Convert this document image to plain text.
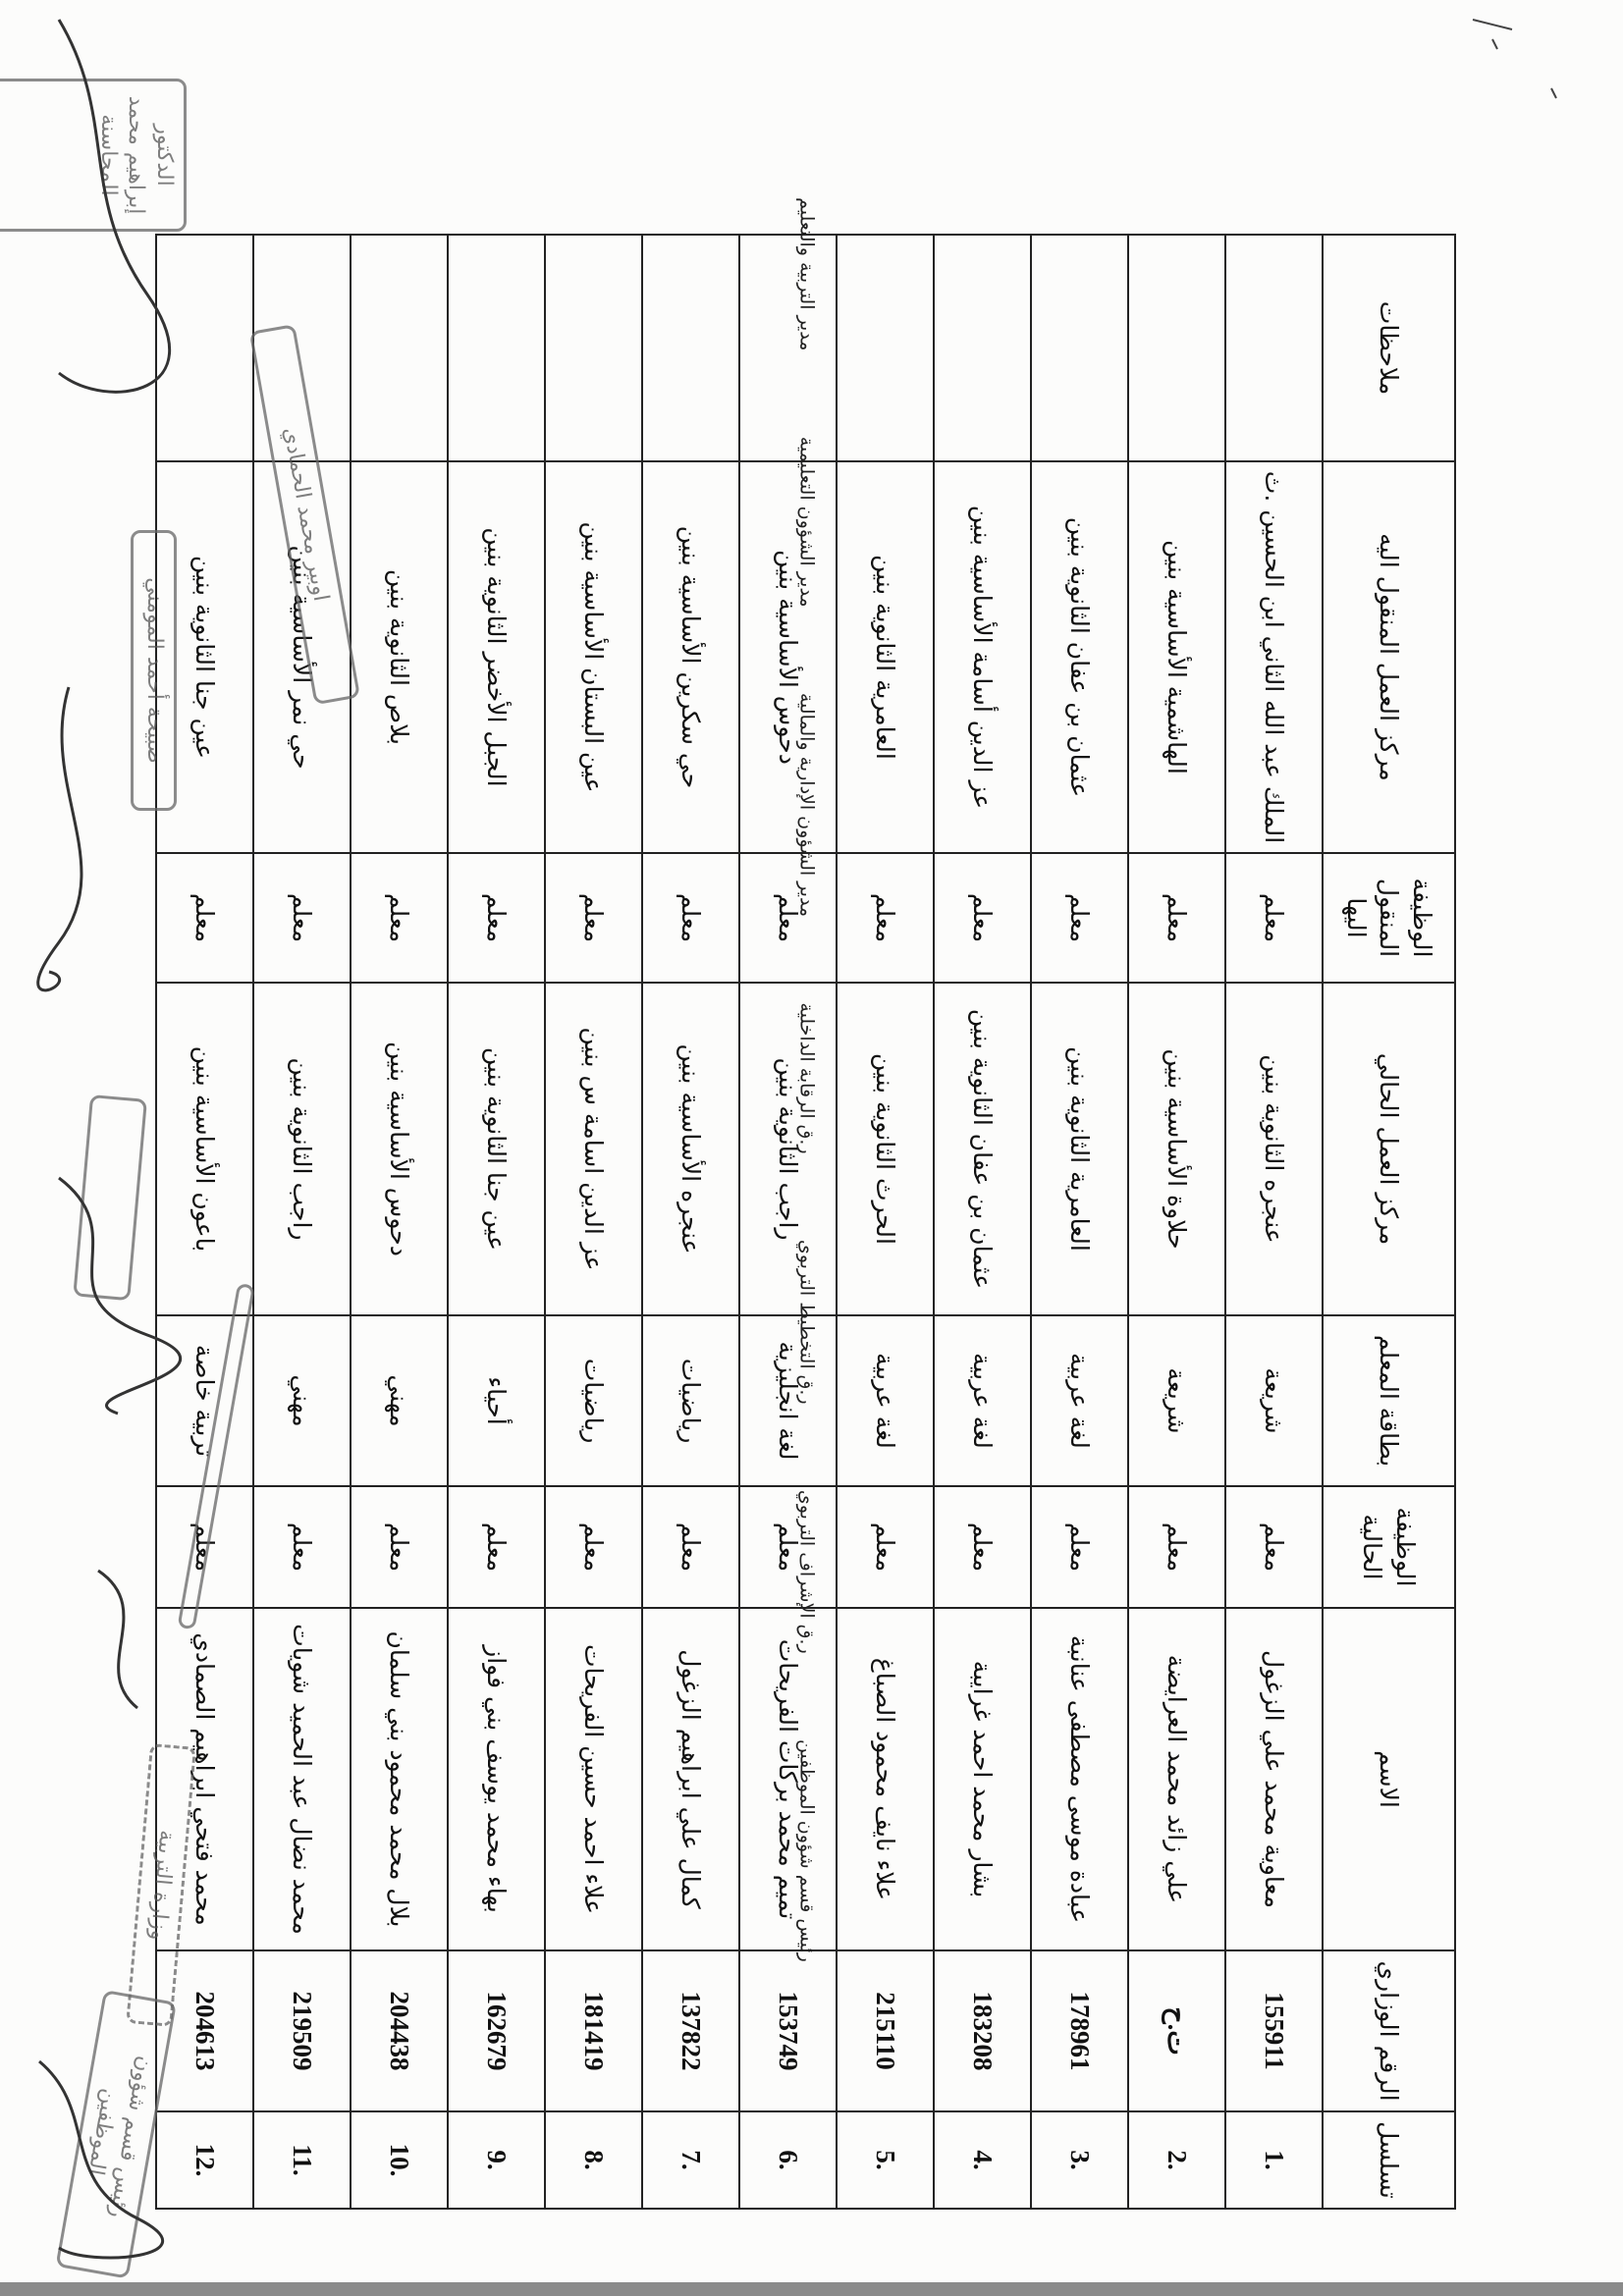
تسلسل	الرقم الوزاري	الاسم	الوظيفة الحالية	بطاقة المعلم	مركز العمل الحالي	الوظيفة المنقول اليها	مركز العمل المنقول اليه	ملاحظات
.1	155911	معاوية محمد علي الزغول	معلم	شريعة	عنجره الثانوية بنين	معلم	الملك عبد الله الثاني ابن الحسين .ث	
.2	ت.ح	علي زائد محمد العرايضة	معلم	شريعة	حلاوة الأساسية بنين	معلم	الهاشمية الأساسية بنين	
.3	178961	عبادة موسى مصطفى عنانبة	معلم	لغة عربية	العامرية الثانوية بنين	معلم	عثمان بن عفان الثانوية بنين	
.4	183208	بشار محمد احمد غرايبة	معلم	لغة عربية	عثمان بن عفان الثانوية بنين	معلم	عز الدين أسامة الأساسية بنين	
.5	215110	علاء نايف محمود الصباغ	معلم	لغة عربية	الحرث الثانوية بنين	معلم	العامرية الثانوية بنين	
.6	153749	تميم محمد بركات الفريحات	معلم	لغة انجليزية	راجب الثانوية بنين	معلم	دحوس الأساسية بنين	
.7	137822	كمال علي ابراهيم الزغول	معلم	رياضيات	عنجره الأساسية بنين	معلم	حي سكرين الأساسية بنين	
.8	181419	علاء احمد حسين الفريحات	معلم	رياضيات	عز الدين اسامة س بنين	معلم	عين البستان الأساسية بنين	
.9	162679	بهاء محمد يوسف بني فواز	معلم	أحياء	عين جنا الثانوية بنين	معلم	الجبل الأخضر الثانوية بنين	
.10	204438	بلال محمد محمود بني سلمان	معلم	مهني	دحوس الأساسية بنين	معلم	بلاص الثانوية بنين	
.11	219509	محمد نضال عبد الحميد شويات	معلم	مهني	راجب الثانوية بنين	معلم	حي نمر الأساسية بنين	
.12	204613	محمد فتحي ابراهيم الصمادي	معلم	تربية خاصة	باعون الأساسية بنين	معلم	عين جنا الثانوية بنين	
رئيس قسم شؤون الموظفين
ر.ق الإشراف التربوي
ر.ق التخطيط التربوي
ر.ق الرقابة الداخلية
مدير الشؤون الإدارية والمالية
مدير الشؤون التعليمية
مدير التربية والتعليم
الدكتور إبراهيم محمد المحاسنة
اوبير محمد الحمادي
صبيحة أحمد المومني
وزارة التربية
رئيس قسم شؤون الموظفين
